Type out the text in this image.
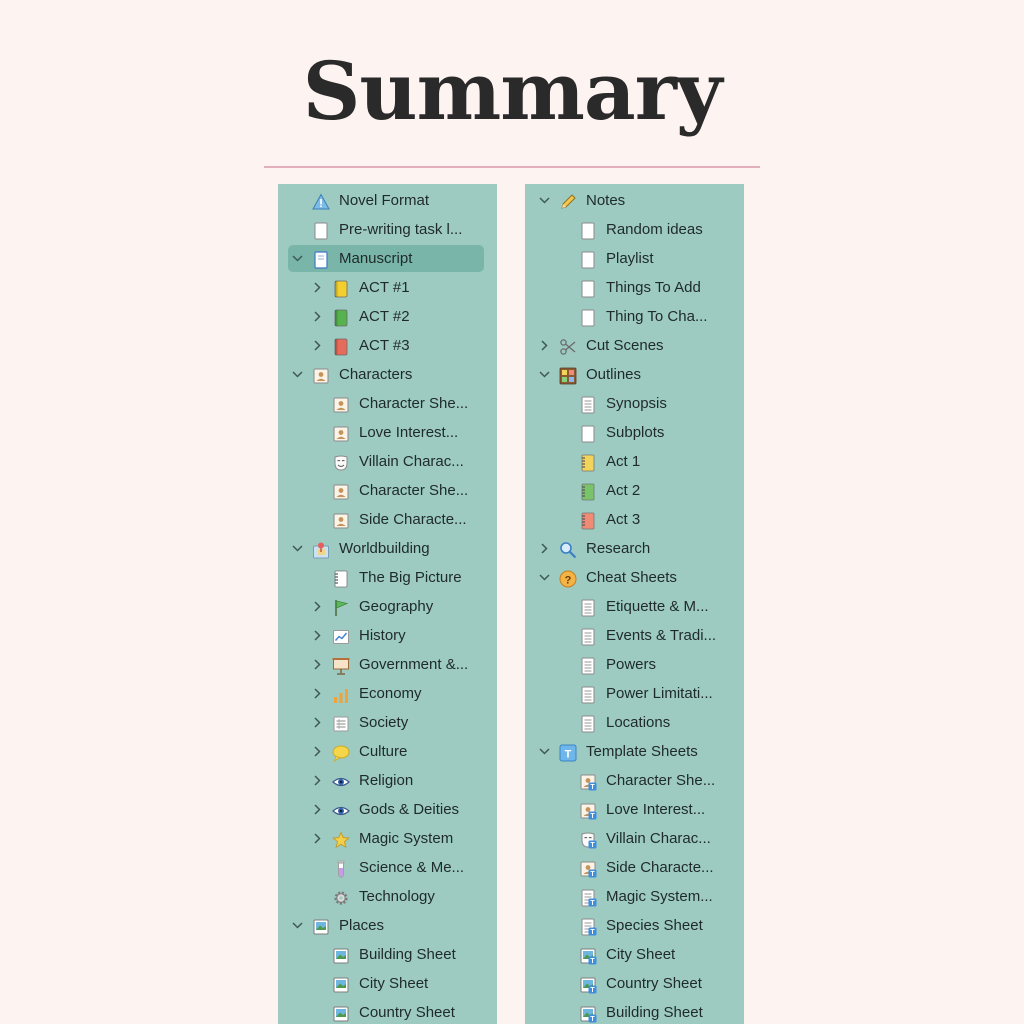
Summary
Novel Format
Pre-writing task l...
Manuscript
ACT #1
ACT #2
ACT #3
Characters
Character She...
Love Interest...
Villain Charac...
Character She...
Side Characte...
Worldbuilding
The Big Picture
Geography
History
Government &...
Economy
Society
Culture
Religion
Gods & Deities
Magic System
Science & Me...
Technology
Places
Building Sheet
City Sheet
Country Sheet
Notes
Random ideas
Playlist
Things To Add
Thing To Cha...
Cut Scenes
Outlines
Synopsis
Subplots
Act 1
Act 2
Act 3
Research
? Cheat Sheets
Etiquette & M...
Events & Tradi...
Powers
Power Limitati...
Locations
T Template Sheets
T Character She...
T Love Interest...
T Villain Charac...
T Side Characte...
T Magic System...
T Species Sheet
T City Sheet
T Country Sheet
T Building Sheet
